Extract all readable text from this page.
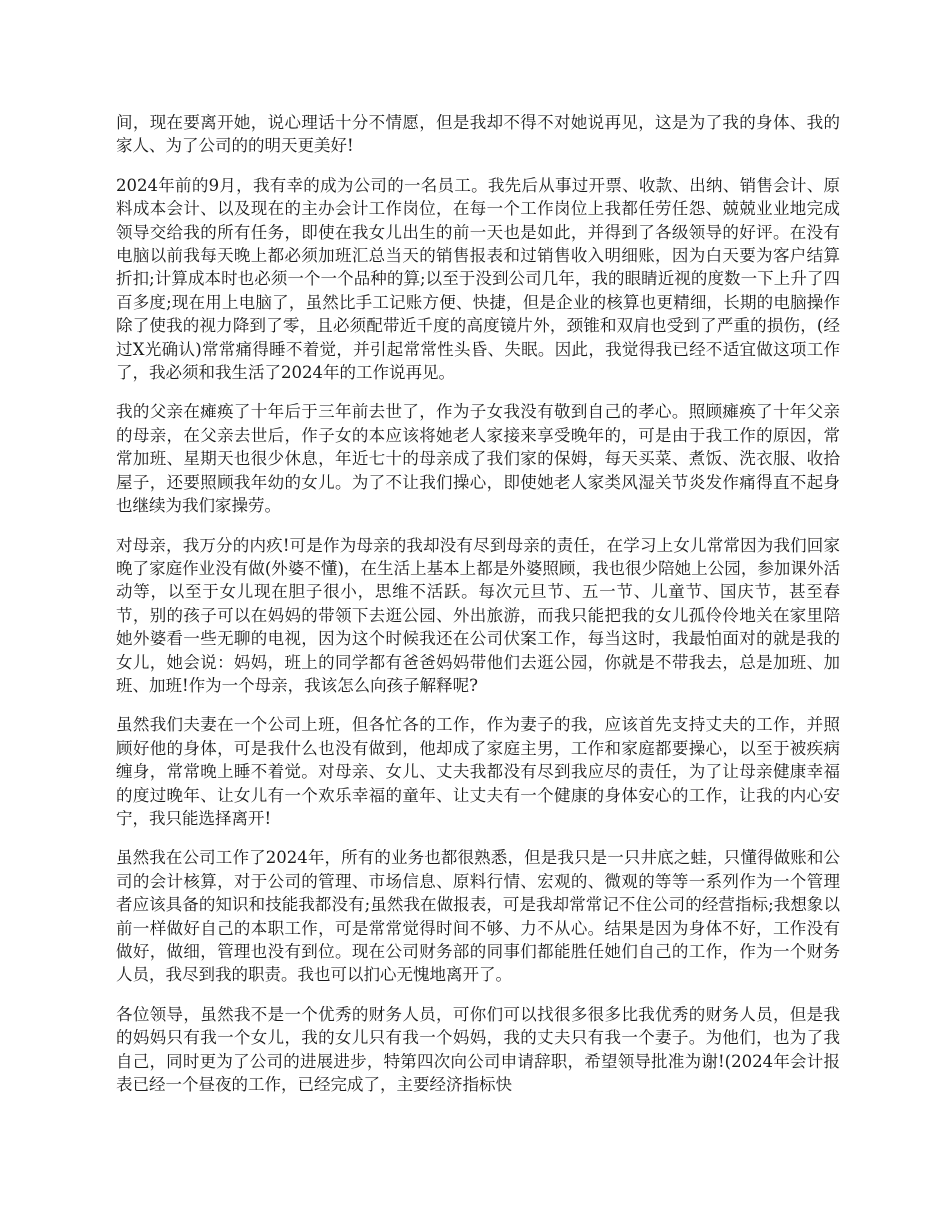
间，现在要离开她，说心理话十分不情愿，但是我却不得不对她说再见，这是为了我的身体、我的家人、为了公司的的明天更美好!

2024年前的9月，我有幸的成为公司的一名员工。我先后从事过开票、收款、出纳、销售会计、原料成本会计、以及现在的主办会计工作岗位，在每一个工作岗位上我都任劳任怨、兢兢业业地完成领导交给我的所有任务，即使在我女儿出生的前一天也是如此，并得到了各级领导的好评。在没有电脑以前我每天晚上都必须加班汇总当天的销售报表和过销售收入明细账，因为白天要为客户结算折扣;计算成本时也必须一个一个品种的算;以至于没到公司几年，我的眼睛近视的度数一下上升了四百多度;现在用上电脑了，虽然比手工记账方便、快捷，但是企业的核算也更精细，长期的电脑操作除了使我的视力降到了零，且必须配带近千度的高度镜片外，颈锥和双肩也受到了严重的损伤，(经过X光确认)常常痛得睡不着觉，并引起常常性头昏、失眠。因此，我觉得我已经不适宜做这项工作了，我必须和我生活了2024年的工作说再见。

我的父亲在瘫痪了十年后于三年前去世了，作为子女我没有敬到自己的孝心。照顾瘫痪了十年父亲的母亲，在父亲去世后，作子女的本应该将她老人家接来享受晚年的，可是由于我工作的原因，常常加班、星期天也很少休息，年近七十的母亲成了我们家的保姆，每天买菜、煮饭、洗衣服、收拾屋子，还要照顾我年幼的女儿。为了不让我们操心，即使她老人家类风湿关节炎发作痛得直不起身也继续为我们家操劳。

对母亲，我万分的内疚!可是作为母亲的我却没有尽到母亲的责任，在学习上女儿常常因为我们回家晚了家庭作业没有做(外婆不懂)，在生活上基本上都是外婆照顾，我也很少陪她上公园，参加课外活动等，以至于女儿现在胆子很小，思维不活跃。每次元旦节、五一节、儿童节、国庆节，甚至春节，别的孩子可以在妈妈的带领下去逛公园、外出旅游，而我只能把我的女儿孤伶伶地关在家里陪她外婆看一些无聊的电视，因为这个时候我还在公司伏案工作，每当这时，我最怕面对的就是我的女儿，她会说：妈妈，班上的同学都有爸爸妈妈带他们去逛公园，你就是不带我去，总是加班、加班、加班!作为一个母亲，我该怎么向孩子解释呢?

虽然我们夫妻在一个公司上班，但各忙各的工作，作为妻子的我，应该首先支持丈夫的工作，并照顾好他的身体，可是我什么也没有做到，他却成了家庭主男，工作和家庭都要操心，以至于被疾病缠身，常常晚上睡不着觉。对母亲、女儿、丈夫我都没有尽到我应尽的责任，为了让母亲健康幸福的度过晚年、让女儿有一个欢乐幸福的童年、让丈夫有一个健康的身体安心的工作，让我的内心安宁，我只能选择离开!

虽然我在公司工作了2024年，所有的业务也都很熟悉，但是我只是一只井底之蛙，只懂得做账和公司的会计核算，对于公司的管理、市场信息、原料行情、宏观的、微观的等等一系列作为一个管理者应该具备的知识和技能我都没有;虽然我在做报表，可是我却常常记不住公司的经营指标;我想象以前一样做好自己的本职工作，可是常常觉得时间不够、力不从心。结果是因为身体不好，工作没有做好，做细，管理也没有到位。现在公司财务部的同事们都能胜任她们自己的工作，作为一个财务人员，我尽到我的职责。我也可以扪心无愧地离开了。

各位领导，虽然我不是一个优秀的财务人员，可你们可以找很多很多比我优秀的财务人员，但是我的妈妈只有我一个女儿，我的女儿只有我一个妈妈，我的丈夫只有我一个妻子。为他们，也为了我自己，同时更为了公司的进展进步，特第四次向公司申请辞职，希望领导批准为谢!(2024年会计报表已经一个昼夜的工作，已经完成了，主要经济指标快
